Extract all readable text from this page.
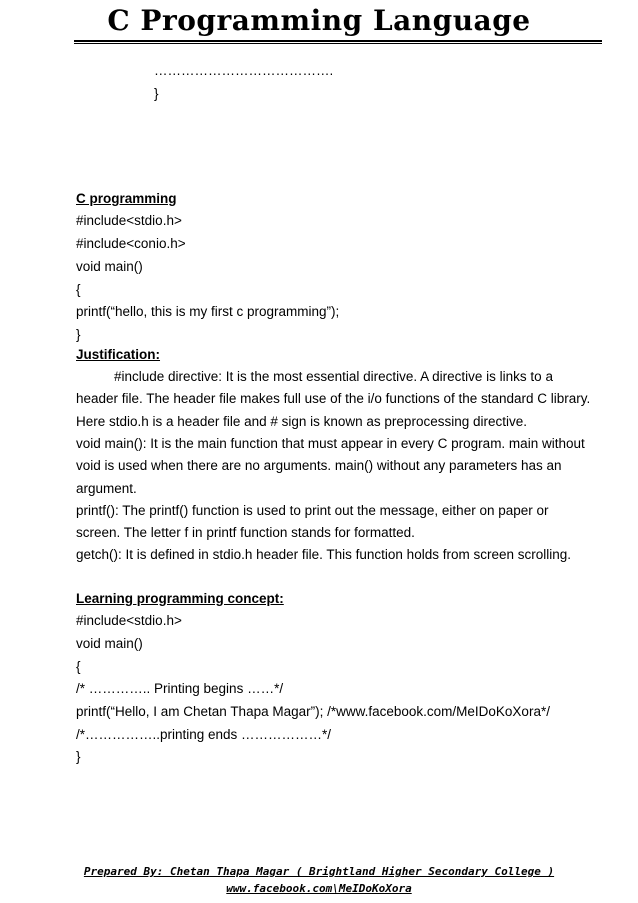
C Programming Language
………………………………….
}
C programming
#include<stdio.h>
#include<conio.h>
void main()
{
printf(“hello, this is my first c programming”);
}
Justification:
#include directive: It is the most essential directive. A directive is links to a header file. The header file makes full use of the i/o functions of the standard C library. Here stdio.h is a header file and # sign is known as preprocessing directive.
void main(): It is the main function that must appear in every C program. main without void is used when there are no arguments. main() without any parameters has an argument.
printf(): The printf() function is used to print out the message, either on paper or screen. The letter f in printf function stands for formatted.
getch(): It is defined in stdio.h header file. This function holds from screen scrolling.
Learning programming concept:
#include<stdio.h>
void main()
{
/* ………….. Printing begins ……*/
printf(“Hello, I am Chetan Thapa Magar”); /*www.facebook.com/MeIDoKoXora*/
/*……………..printing ends ………………*/
}
Prepared By: Chetan Thapa Magar ( Brightland Higher Secondary College )
www.facebook.com\MeIDoKoXora
